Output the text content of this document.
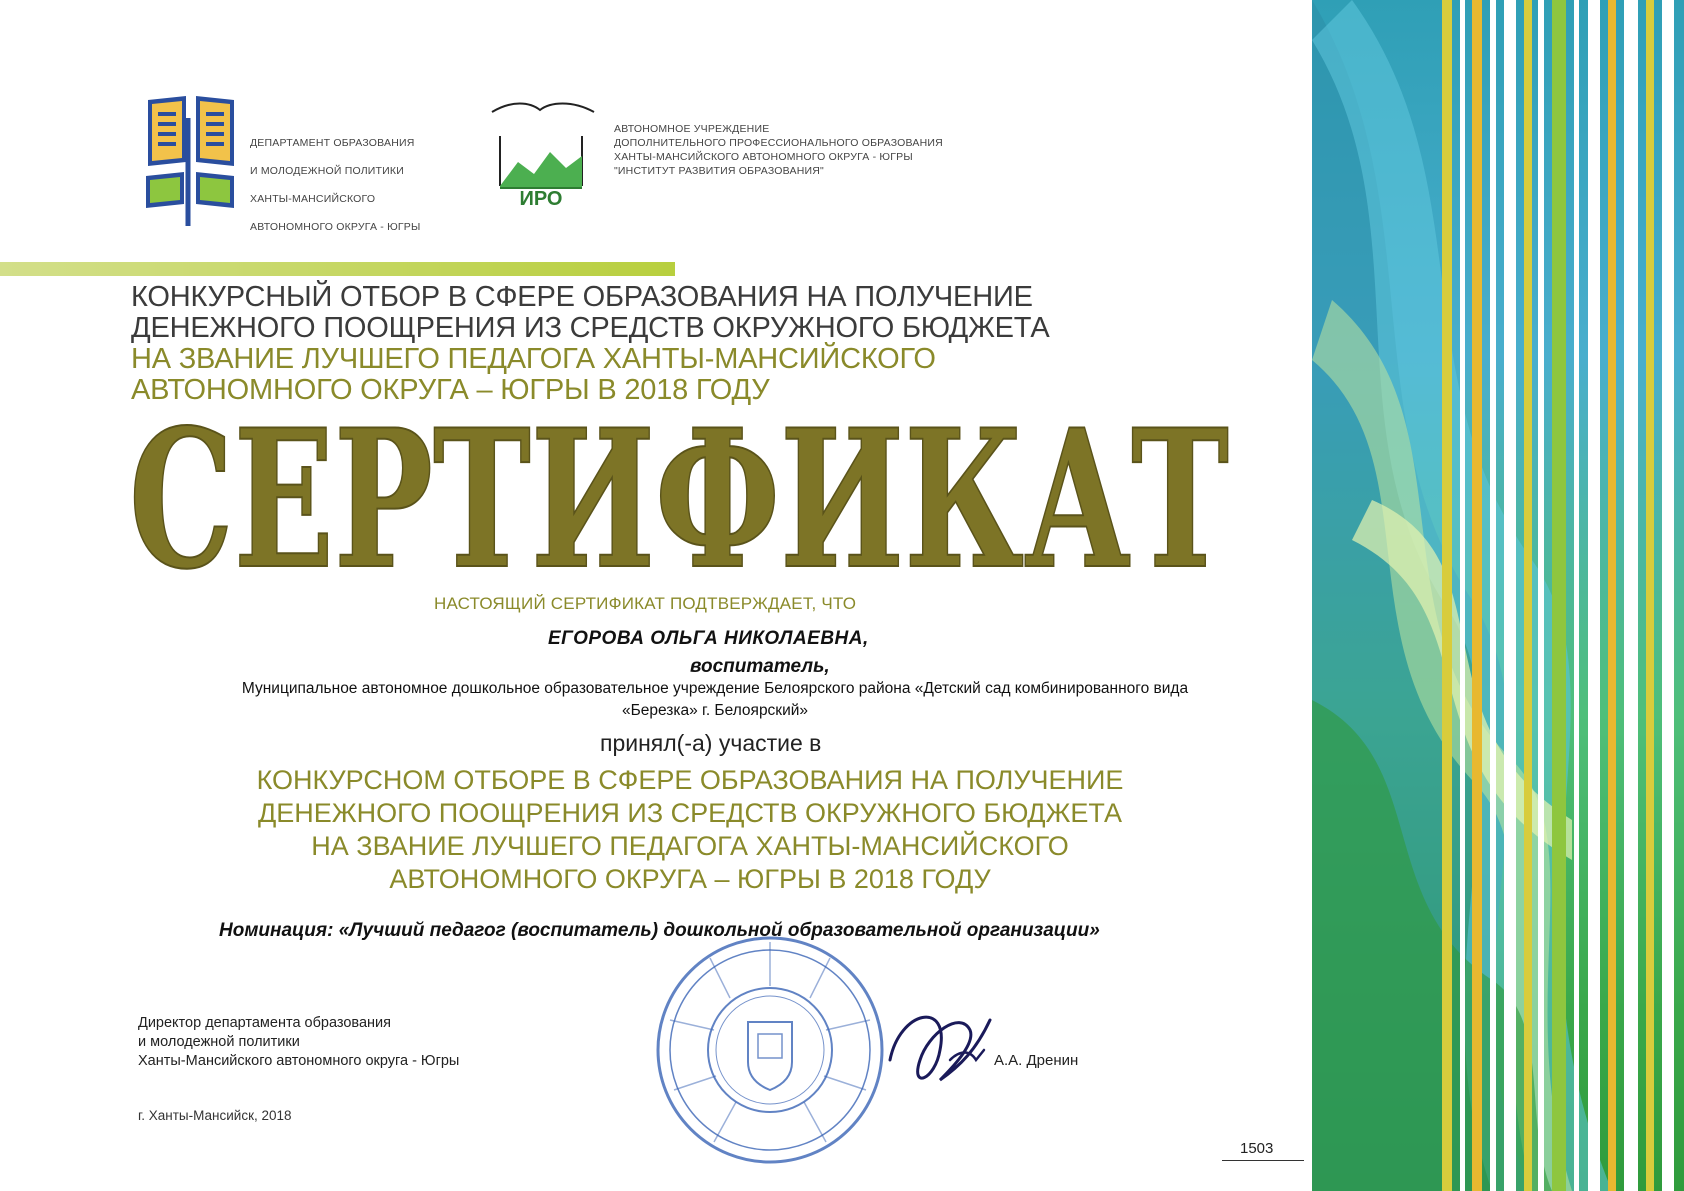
ДЕПАРТАМЕНТ ОБРАЗОВАНИЯ

И МОЛОДЕЖНОЙ ПОЛИТИКИ

ХАНТЫ-МАНСИЙСКОГО

АВТОНОМНОГО ОКРУГА - ЮГРЫ

ИРО
АВТОНОМНОЕ УЧРЕЖДЕНИЕ
ДОПОЛНИТЕЛЬНОГО ПРОФЕССИОНАЛЬНОГО ОБРАЗОВАНИЯ
ХАНТЫ-МАНСИЙСКОГО АВТОНОМНОГО ОКРУГА - ЮГРЫ
"ИНСТИТУТ РАЗВИТИЯ ОБРАЗОВАНИЯ"
КОНКУРСНЫЙ ОТБОР В СФЕРЕ ОБРАЗОВАНИЯ НА ПОЛУЧЕНИЕ
ДЕНЕЖНОГО ПООЩРЕНИЯ ИЗ СРЕДСТВ ОКРУЖНОГО БЮДЖЕТА
НА ЗВАНИЕ ЛУЧШЕГО ПЕДАГОГА ХАНТЫ-МАНСИЙСКОГО
АВТОНОМНОГО ОКРУГА – ЮГРЫ В 2018 ГОДУ
СЕРТИФИКАТ
НАСТОЯЩИЙ СЕРТИФИКАТ ПОДТВЕРЖДАЕТ, ЧТО
ЕГОРОВА ОЛЬГА НИКОЛАЕВНА,
воспитатель,
Муниципальное автономное дошкольное образовательное учреждение Белоярского района «Детский сад комбинированного вида
«Березка» г. Белоярский»
принял(-а) участие в
КОНКУРСНОМ ОТБОРЕ В СФЕРЕ ОБРАЗОВАНИЯ НА ПОЛУЧЕНИЕ
ДЕНЕЖНОГО ПООЩРЕНИЯ ИЗ СРЕДСТВ ОКРУЖНОГО БЮДЖЕТА
НА ЗВАНИЕ ЛУЧШЕГО ПЕДАГОГА ХАНТЫ-МАНСИЙСКОГО
АВТОНОМНОГО ОКРУГА – ЮГРЫ В 2018 ГОДУ
Номинация: «Лучший педагог (воспитатель) дошкольной образовательной организации»
Директор департамента образования
и молодежной политики
Ханты-Мансийского автономного округа - Югры	А.А. Дренин
г. Ханты-Мансийск, 2018
1503
